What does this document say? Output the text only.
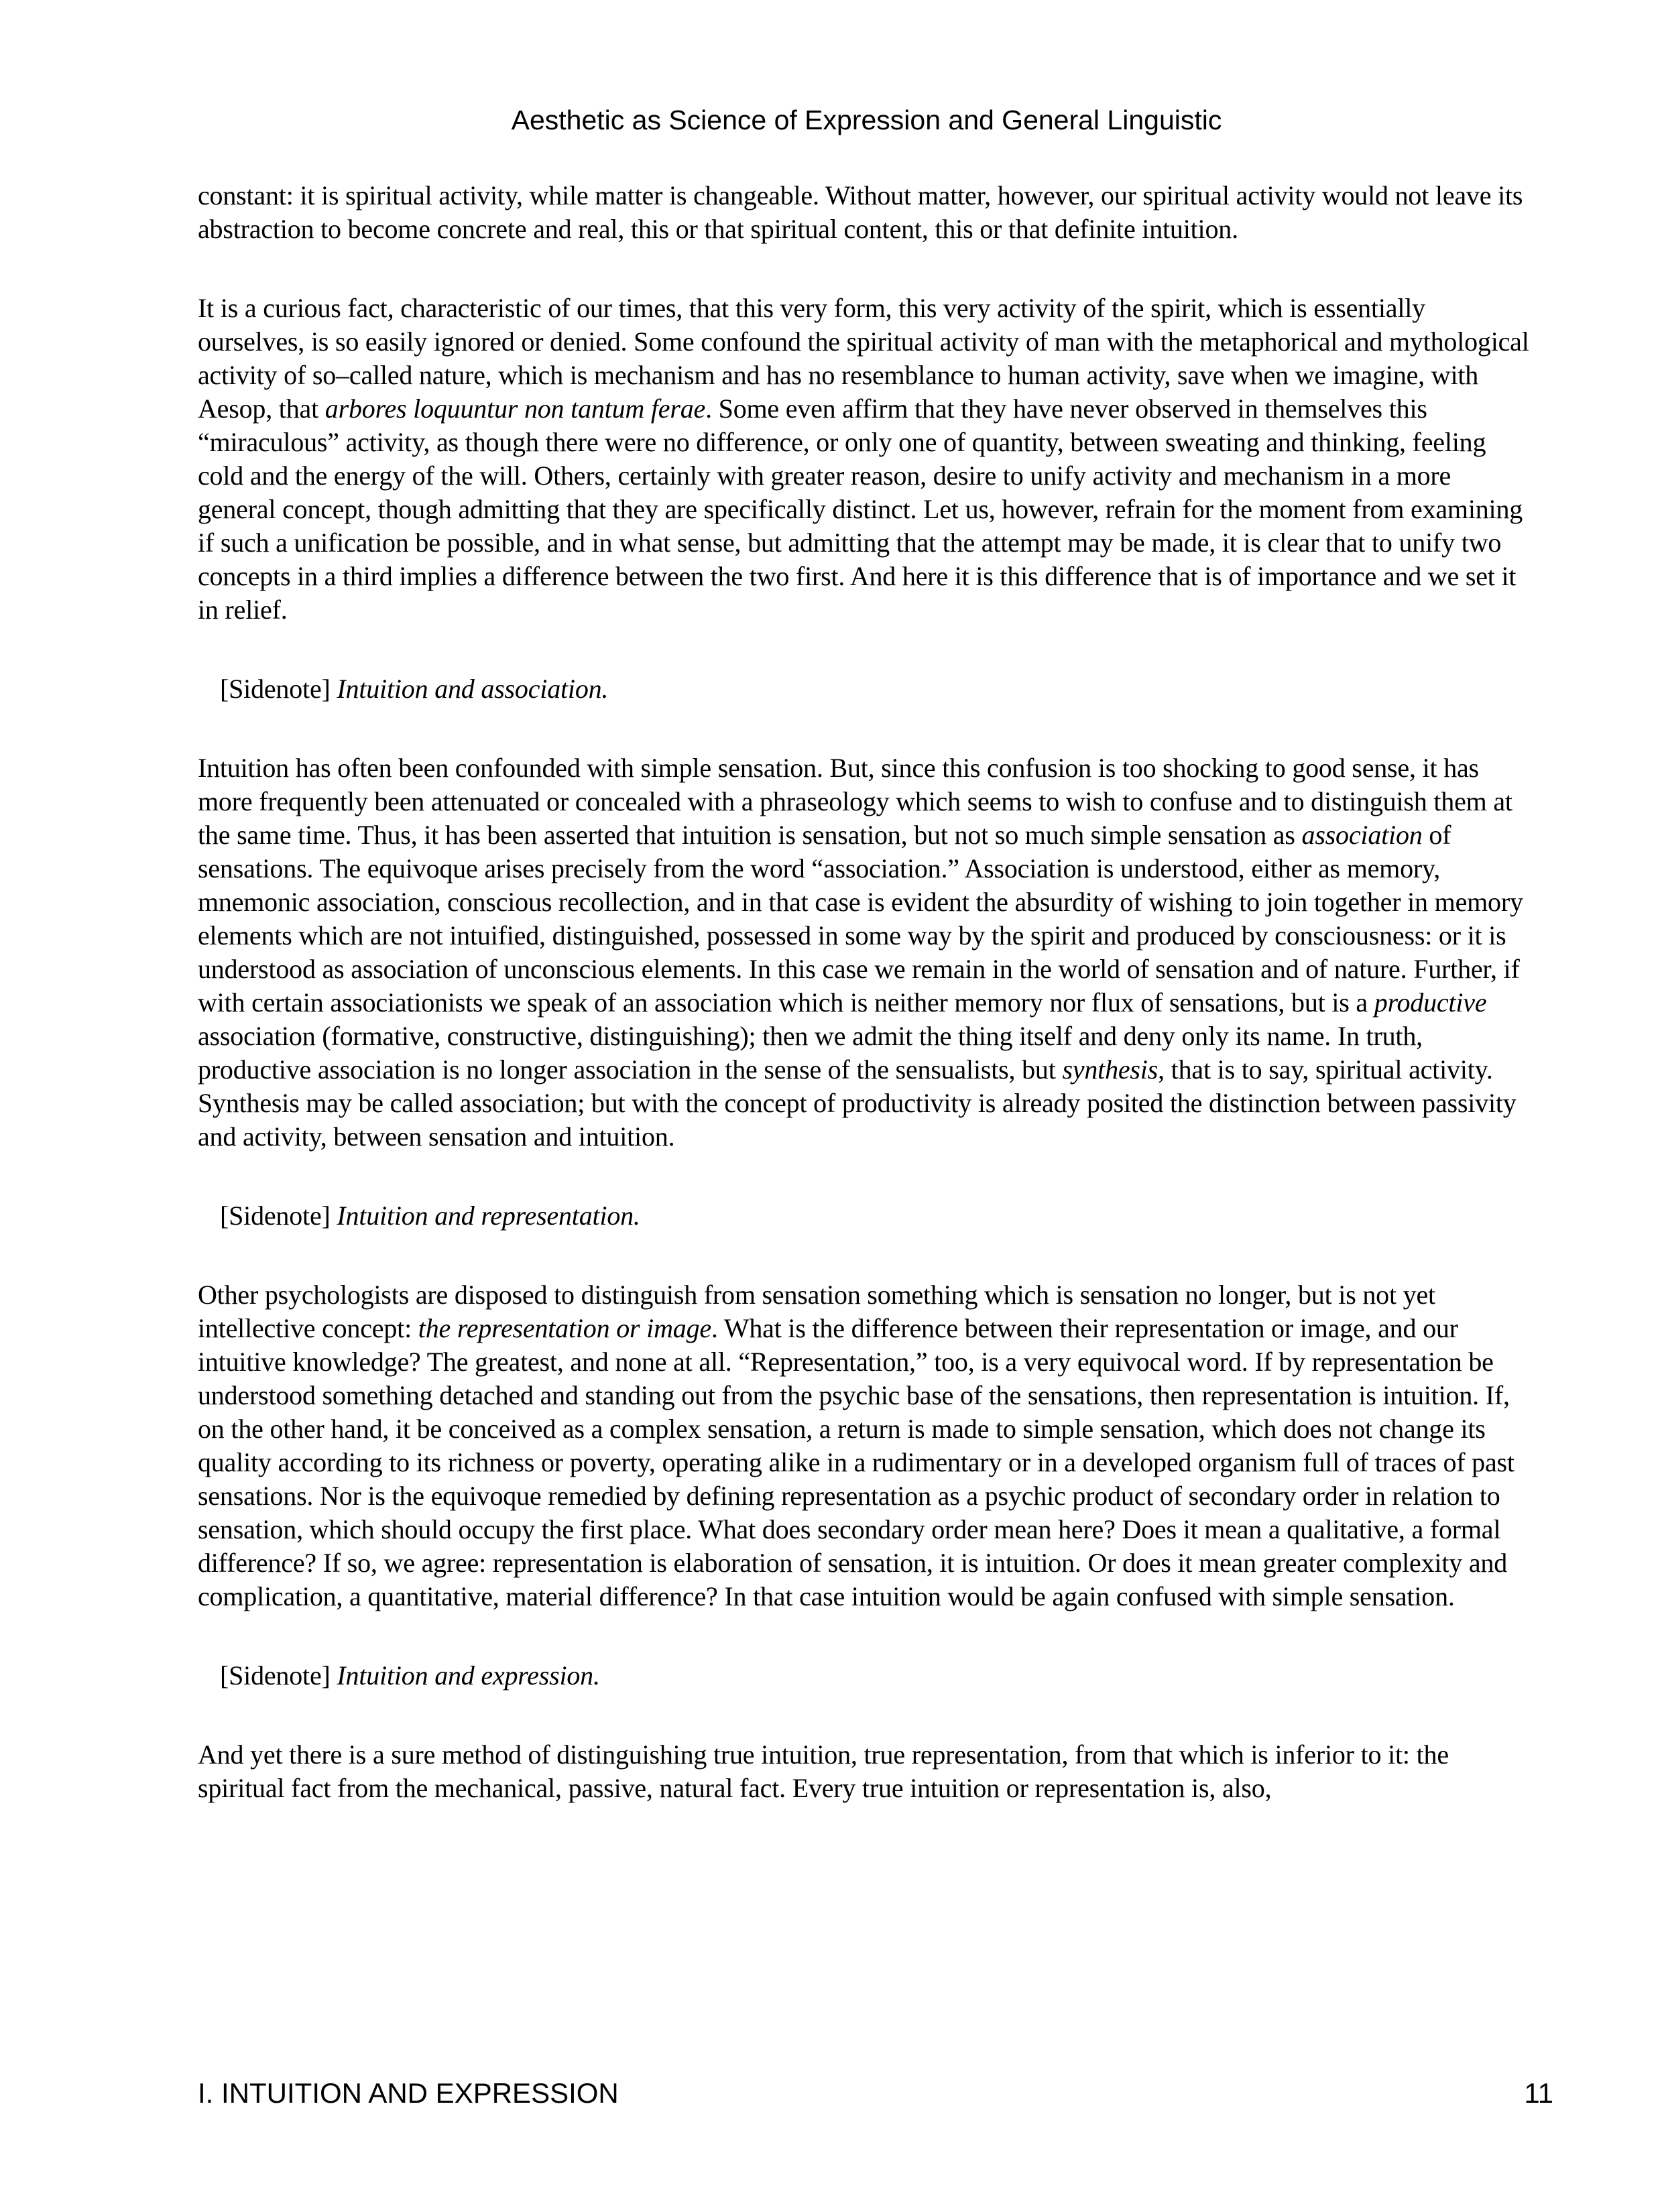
Aesthetic as Science of Expression and General Linguistic

constant: it is spiritual activity, while matter is changeable. Without matter, however, our spiritual activity would not leave its abstraction to become concrete and real, this or that spiritual content, this or that definite intuition.

It is a curious fact, characteristic of our times, that this very form, this very activity of the spirit, which is essentially ourselves, is so easily ignored or denied. Some confound the spiritual activity of man with the metaphorical and mythological activity of so–called nature, which is mechanism and has no resemblance to human activity, save when we imagine, with Aesop, that arbores loquuntur non tantum ferae. Some even affirm that they have never observed in themselves this “miraculous” activity, as though there were no difference, or only one of quantity, between sweating and thinking, feeling cold and the energy of the will. Others, certainly with greater reason, desire to unify activity and mechanism in a more general concept, though admitting that they are specifically distinct. Let us, however, refrain for the moment from examining if such a unification be possible, and in what sense, but admitting that the attempt may be made, it is clear that to unify two concepts in a third implies a difference between the two first. And here it is this difference that is of importance and we set it in relief.

[Sidenote] Intuition and association.

Intuition has often been confounded with simple sensation. But, since this confusion is too shocking to good sense, it has more frequently been attenuated or concealed with a phraseology which seems to wish to confuse and to distinguish them at the same time. Thus, it has been asserted that intuition is sensation, but not so much simple sensation as association of sensations. The equivoque arises precisely from the word “association.” Association is understood, either as memory, mnemonic association, conscious recollection, and in that case is evident the absurdity of wishing to join together in memory elements which are not intuified, distinguished, possessed in some way by the spirit and produced by consciousness: or it is understood as association of unconscious elements. In this case we remain in the world of sensation and of nature. Further, if with certain associationists we speak of an association which is neither memory nor flux of sensations, but is a productive association (formative, constructive, distinguishing); then we admit the thing itself and deny only its name. In truth, productive association is no longer association in the sense of the sensualists, but synthesis, that is to say, spiritual activity. Synthesis may be called association; but with the concept of productivity is already posited the distinction between passivity and activity, between sensation and intuition.

[Sidenote] Intuition and representation.

Other psychologists are disposed to distinguish from sensation something which is sensation no longer, but is not yet intellective concept: the representation or image. What is the difference between their representation or image, and our intuitive knowledge? The greatest, and none at all. “Representation,” too, is a very equivocal word. If by representation be understood something detached and standing out from the psychic base of the sensations, then representation is intuition. If, on the other hand, it be conceived as a complex sensation, a return is made to simple sensation, which does not change its quality according to its richness or poverty, operating alike in a rudimentary or in a developed organism full of traces of past sensations. Nor is the equivoque remedied by defining representation as a psychic product of secondary order in relation to sensation, which should occupy the first place. What does secondary order mean here? Does it mean a qualitative, a formal difference? If so, we agree: representation is elaboration of sensation, it is intuition. Or does it mean greater complexity and complication, a quantitative, material difference? In that case intuition would be again confused with simple sensation.

[Sidenote] Intuition and expression.

And yet there is a sure method of distinguishing true intuition, true representation, from that which is inferior to it: the spiritual fact from the mechanical, passive, natural fact. Every true intuition or representation is, also,

I. INTUITION AND EXPRESSION	11
